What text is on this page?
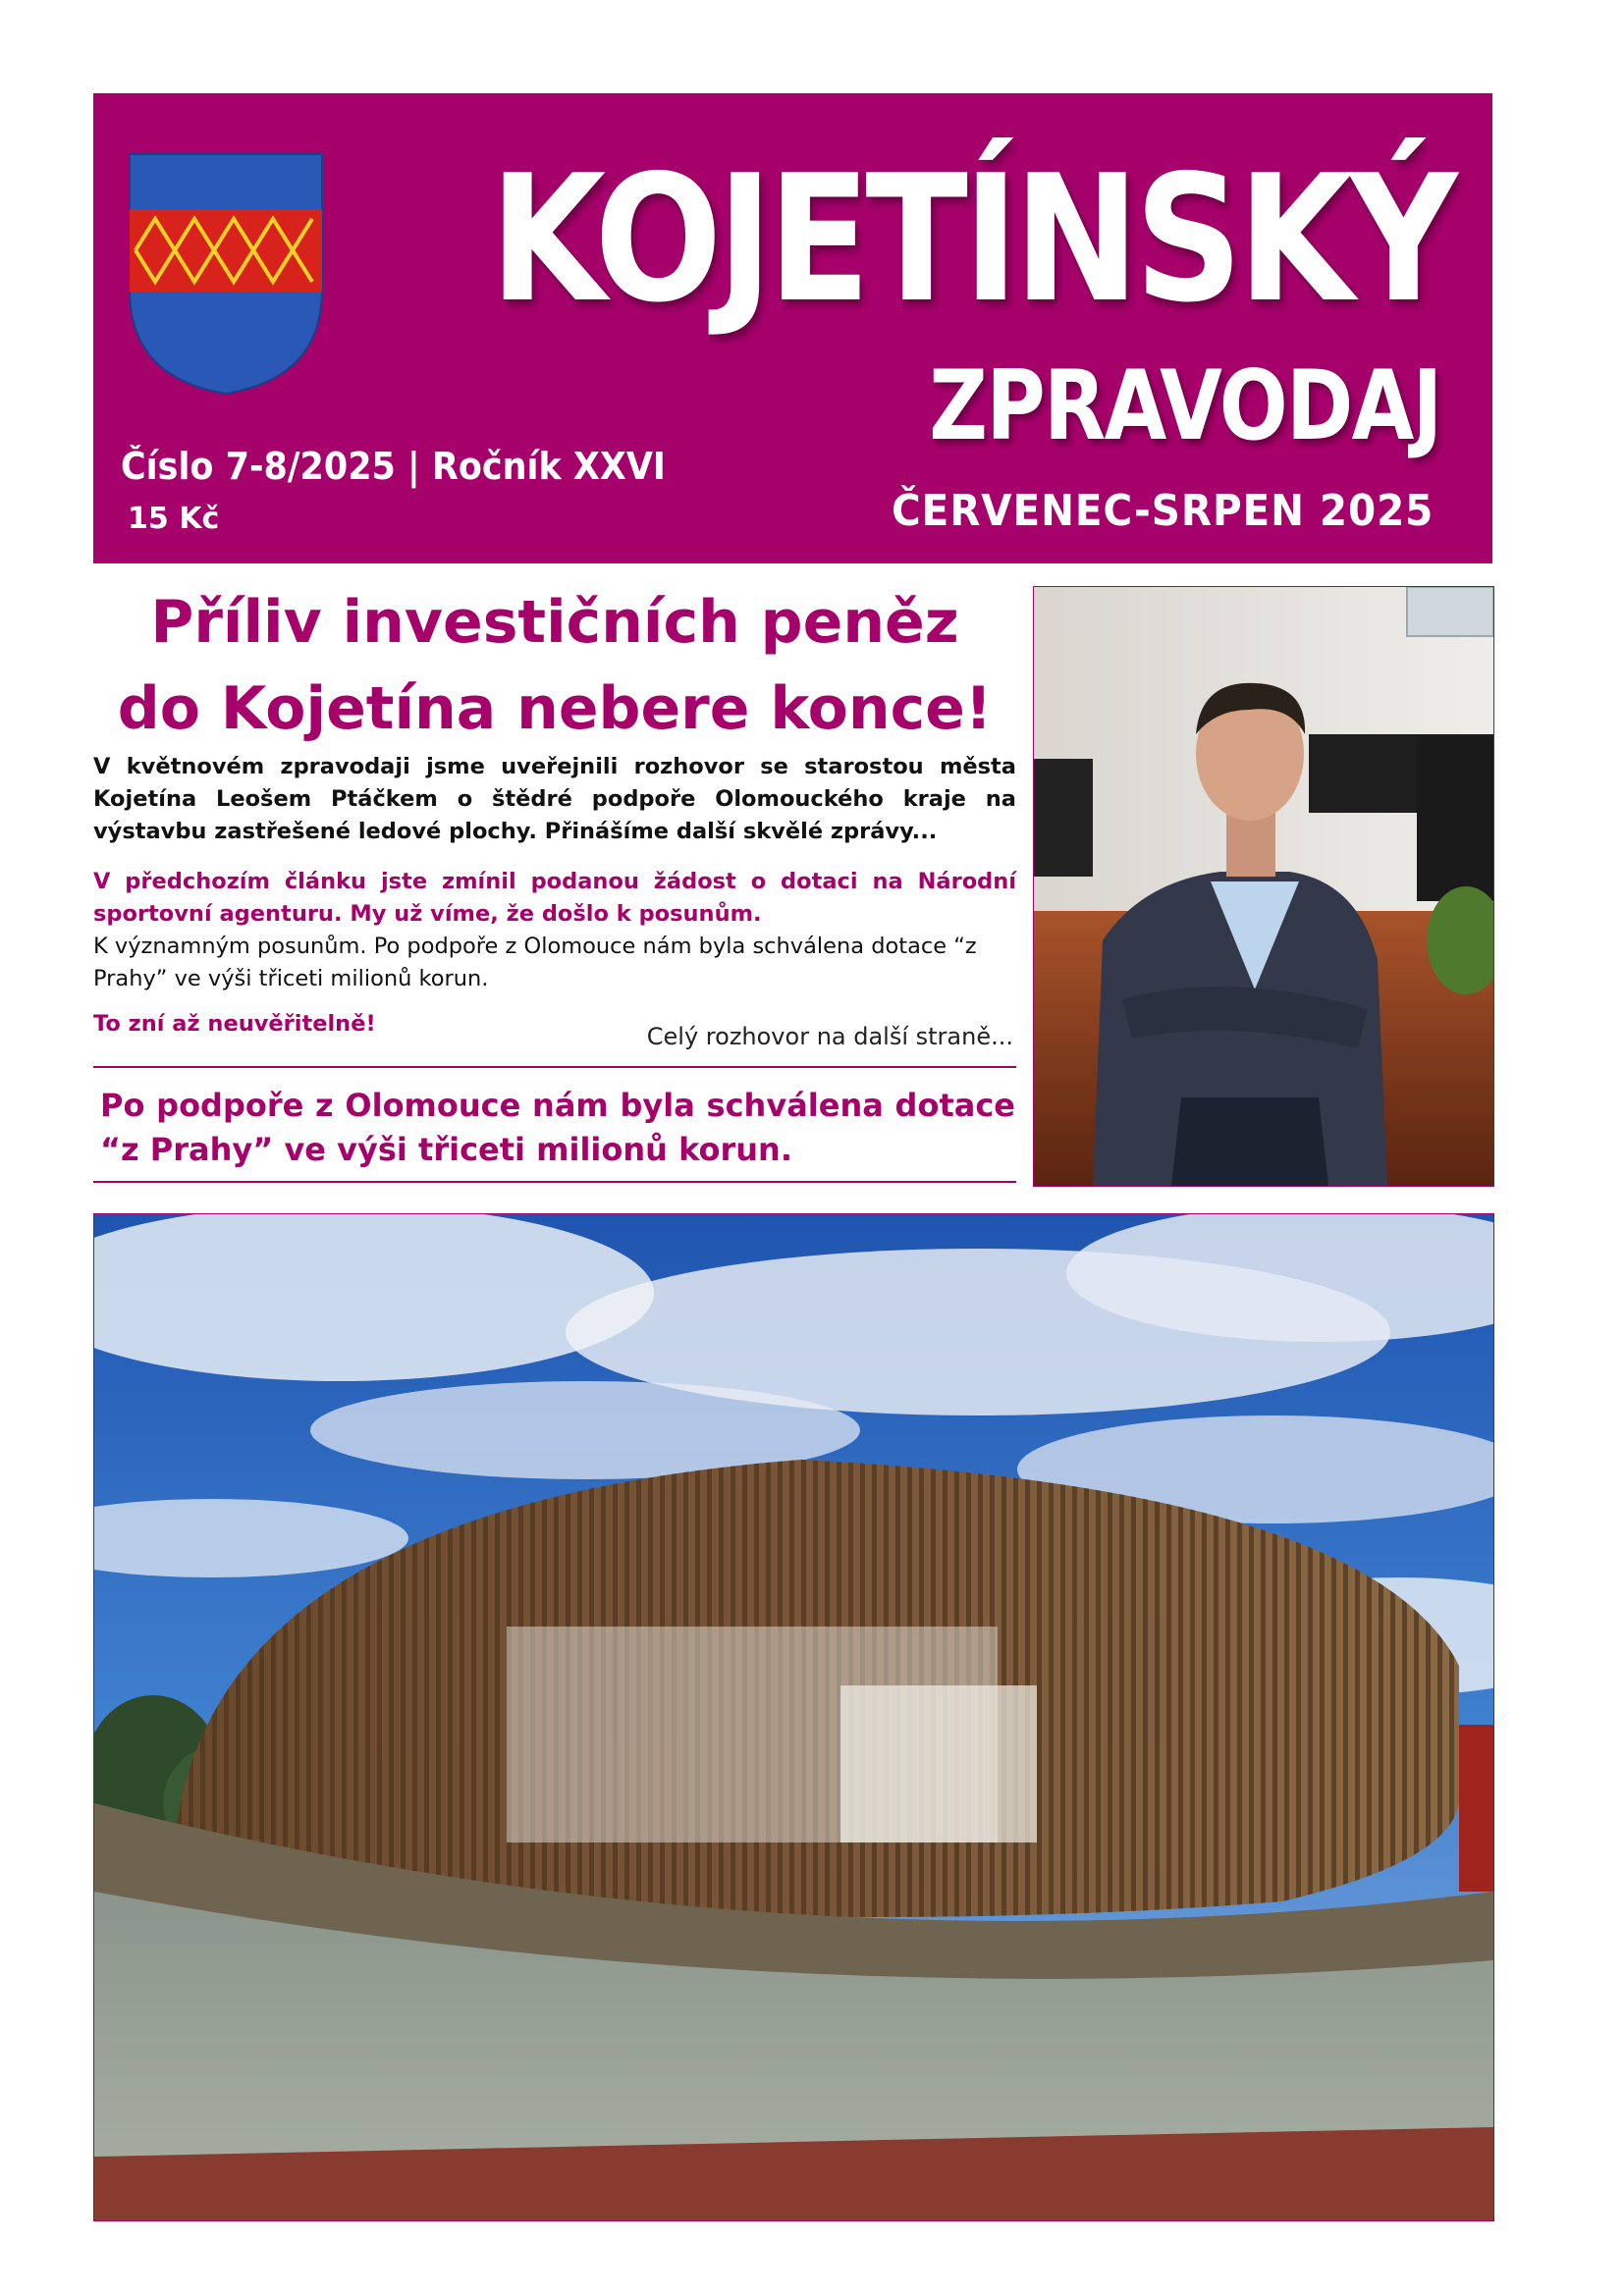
KOJETÍNSKÝ
ZPRAVODAJ
Číslo 7-8/2025 | Ročník XXVI
15 Kč	ČERVENEC-SRPEN 2025
Příliv investičních peněz
do Kojetína nebere konce!
V květnovém zpravodaji jsme uveřejnili rozhovor se starostou města Kojetína Leošem Ptáčkem o štědré podpoře Olomouckého kraje na výstavbu zastřešené ledové plochy. Přinášíme další skvělé zprávy...
V předchozím článku jste zmínil podanou žádost o dotaci na Národní sportovní agenturu. My už víme, že došlo k posunům.
K významným posunům. Po podpoře z Olomouce nám byla schválena dotace “z Prahy” ve výši třiceti milionů korun.
To zní až neuvěřitelně!	Celý rozhovor na další straně...
Po podpoře z Olomouce nám byla schválena dotace “z Prahy” ve výši třiceti milionů korun.
